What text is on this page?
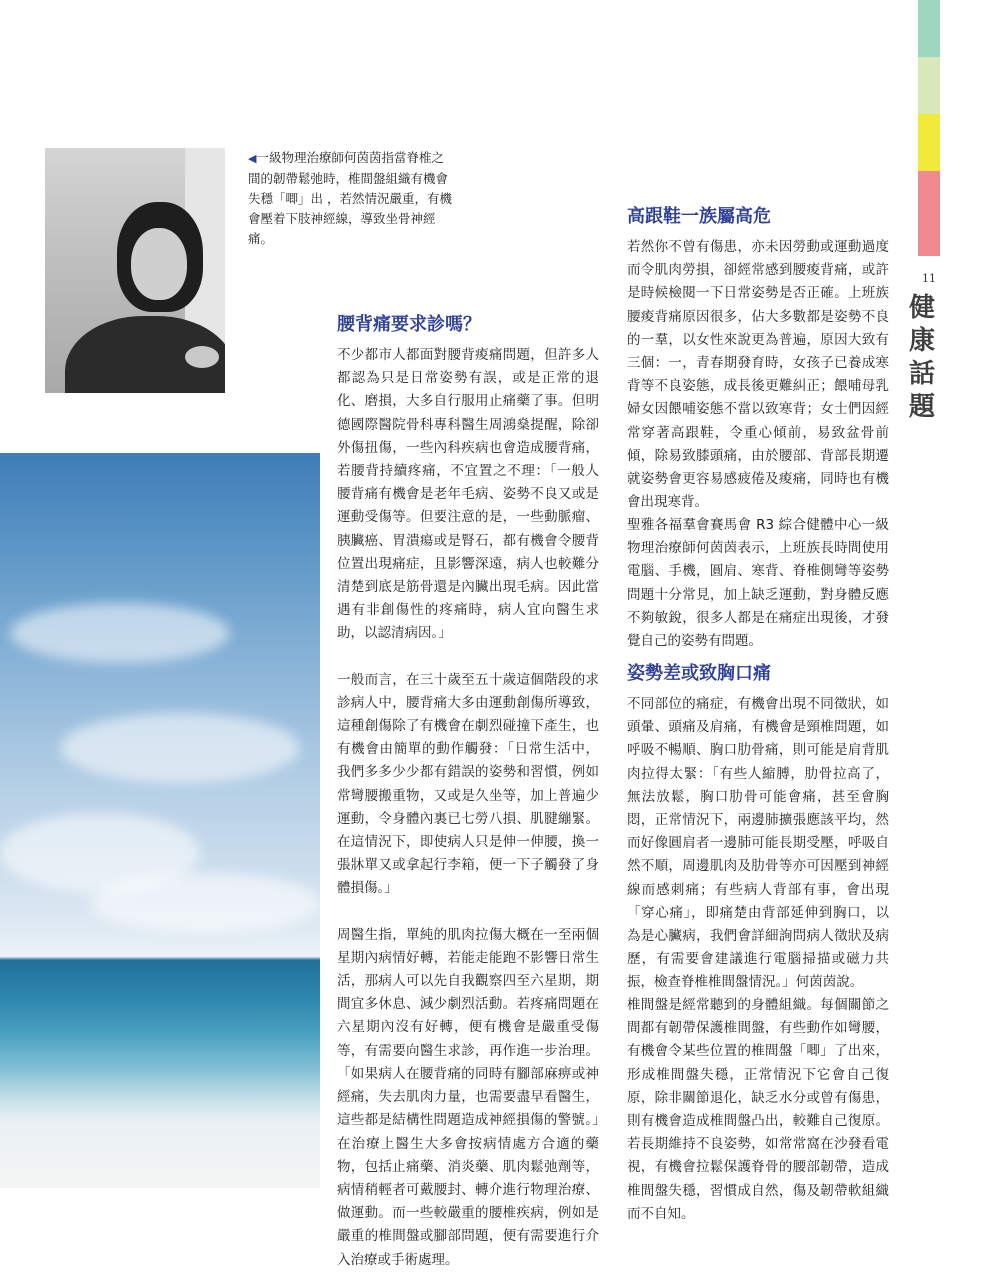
11
健
康
話
題
◀一級物理治療師何茵茵指當脊椎之間的韌帶鬆弛時，椎間盤組織有機會失穩「唧」出 ，若然情況嚴重，有機會壓着下肢神經線，導致坐骨神經痛。
腰背痛要求診嗎？

不少都市人都面對腰背痠痛問題，但許多人都認為只是日常姿勢有誤，或是正常的退化、磨損，大多自行服用止痛藥了事。但明德國際醫院骨科專科醫生周鴻燊提醒，除卻外傷扭傷，一些內科疾病也會造成腰背痛，若腰背持續疼痛，不宜置之不理：「一般人腰背痛有機會是老年毛病、姿勢不良又或是運動受傷等。但要注意的是，一些動脈瘤、胰臟癌、胃潰瘍或是腎石，都有機會令腰背位置出現痛症，且影響深遠，病人也較難分清楚到底是筋骨還是內臟出現毛病。因此當遇有非創傷性的疼痛時，病人宜向醫生求助，以認清病因。」

一般而言，在三十歲至五十歲這個階段的求診病人中，腰背痛大多由運動創傷所導致，這種創傷除了有機會在劇烈碰撞下產生，也有機會由簡單的動作觸發：「日常生活中，我們多多少少都有錯誤的姿勢和習慣，例如常彎腰搬重物，又或是久坐等，加上普遍少運動，令身體內裏已七勞八損、肌腱繃緊。在這情況下，即使病人只是伸一伸腰，換一張牀單又或拿起行李箱，便一下子觸發了身體損傷。」

周醫生指，單純的肌肉拉傷大概在一至兩個星期內病情好轉，若能走能跑不影響日常生活，那病人可以先自我觀察四至六星期，期間宜多休息、減少劇烈活動。若疼痛問題在六星期內沒有好轉，便有機會是嚴重受傷等，有需要向醫生求診，再作進一步治理。「如果病人在腰背痛的同時有腳部麻痹或神經痛，失去肌肉力量，也需要盡早看醫生，這些都是結構性問題造成神經損傷的警號。」在治療上醫生大多會按病情處方合適的藥物，包括止痛藥、消炎藥、肌肉鬆弛劑等，病情稍輕者可戴腰封、轉介進行物理治療、做運動。而一些較嚴重的腰椎疾病，例如是嚴重的椎間盤或腳部問題，便有需要進行介入治療或手術處理。

高跟鞋一族屬高危

若然你不曾有傷患，亦未因勞動或運動過度而令肌肉勞損，卻經常感到腰痠背痛，或許是時候檢閱一下日常姿勢是否正確。上班族腰痠背痛原因很多，佔大多數都是姿勢不良的一羣，以女性來說更為普遍，原因大致有三個：一，青春期發育時，女孩子已養成寒背等不良姿態，成長後更難糾正；餵哺母乳婦女因餵哺姿態不當以致寒背；女士們因經常穿著高跟鞋，令重心傾前，易致盆骨前傾，除易致膝頭痛，由於腰部、背部長期遷就姿勢會更容易感疲倦及痠痛，同時也有機會出現寒背。

聖雅各福羣會賽馬會 R3 綜合健體中心一級物理治療師何茵茵表示，上班族長時間使用電腦、手機，圓肩、寒背、脊椎側彎等姿勢問題十分常見，加上缺乏運動，對身體反應不夠敏銳，很多人都是在痛症出現後，才發覺自己的姿勢有問題。

姿勢差或致胸口痛

不同部位的痛症，有機會出現不同徵狀，如頭暈、頭痛及肩痛，有機會是頸椎問題，如呼吸不暢順、胸口肋骨痛，則可能是肩背肌肉拉得太緊：「有些人縮膊，肋骨拉高了，無法放鬆，胸口肋骨可能會痛，甚至會胸悶，正常情況下，兩邊肺擴張應該平均，然而好像圓肩者一邊肺可能長期受壓，呼吸自然不順，周邊肌肉及肋骨等亦可因壓到神經線而感刺痛；有些病人背部有事，會出現「穿心痛」，即痛楚由背部延伸到胸口，以為是心臟病，我們會詳細詢問病人徵狀及病歷，有需要會建議進行電腦掃描或磁力共振，檢查脊椎椎間盤情況。」何茵茵說。

椎間盤是經常聽到的身體組織。每個關節之間都有韌帶保護椎間盤，有些動作如彎腰，有機會令某些位置的椎間盤「唧」了出來，形成椎間盤失穩，正常情況下它會自己復原，除非關節退化，缺乏水分或曾有傷患，則有機會造成椎間盤凸出，較難自己復原。若長期維持不良姿勢，如常常窩在沙發看電視，有機會拉鬆保護脊骨的腰部韌帶，造成椎間盤失穩，習慣成自然，傷及韌帶軟組織而不自知。
